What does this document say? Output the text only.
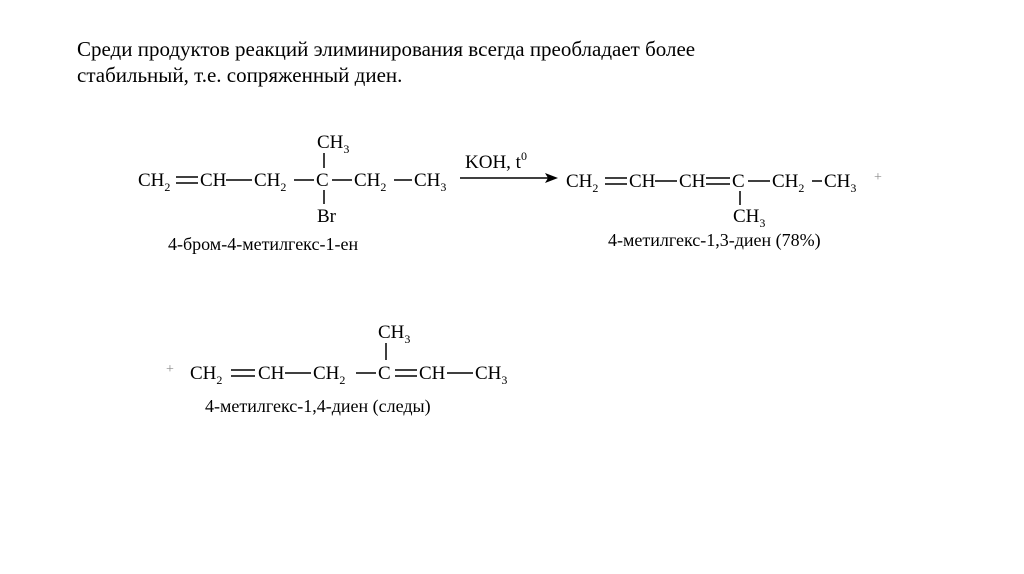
Среди продуктов реакций элиминирования всегда преобладает более
стабильный, т.е. сопряженный диен.
$CH_2$ CH $CH_2$ C $CH_2$ $CH_3$
$CH_3$
Br
4-бром-4-метилгекс-1-ен
KOH, $t^0$
$CH_2$ CH CH C $CH_2$ $CH_3$
$CH_3$
4-метилгекс-1,3-диен (78%)
+
+ $CH_2$ CH $CH_2$ C CH $CH_3$
$CH_3$
4-метилгекс-1,4-диен (следы)
